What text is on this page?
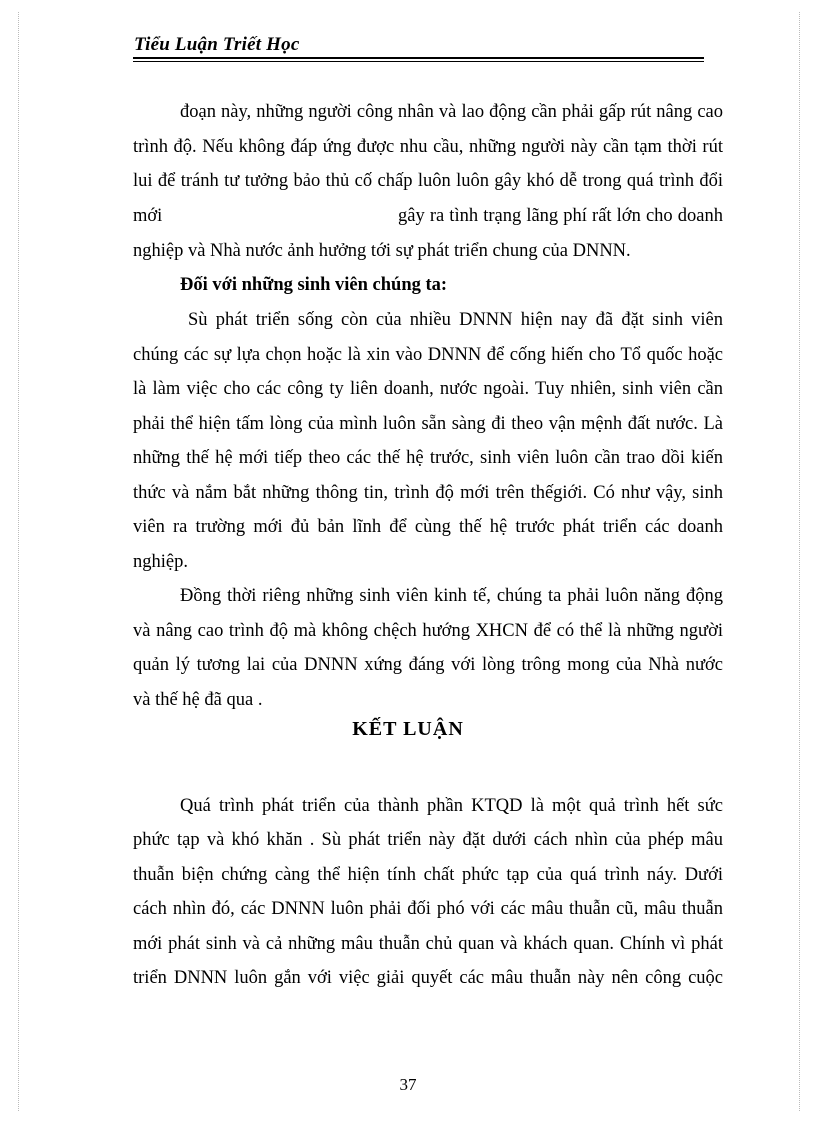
Tiểu Luận Triết Học
đoạn này, những người công nhân và lao động cần phải gấp rút nâng cao
trình độ. Nếu không đáp ứng được nhu cầu, những người này cần tạm thời rút
lui để tránh tư tưởng bảo thủ cố chấp luôn luôn gây khó dễ trong quá trình đổi
mới	gây ra tình trạng lãng phí rất lớn cho doanh
nghiệp và Nhà nước ảnh hưởng tới sự phát triển chung của DNNN.
Đối với những sinh viên chúng ta:
Sù phát triển sống còn của nhiều DNNN hiện nay đã đặt sinh viên
chúng các sự lựa chọn hoặc là xin vào DNNN để cống hiến cho Tổ quốc hoặc
là làm việc cho các công ty liên doanh, nước ngoài. Tuy nhiên, sinh viên cần
phải thể hiện tấm lòng của mình luôn sẵn sàng đi theo vận mệnh đất nước. Là
những thế hệ mới tiếp theo các thế hệ trước, sinh viên luôn cần trao dồi kiến
thức và nắm bắt những thông tin, trình độ mới trên thếgiới. Có như vậy, sinh
viên ra trường mới đủ bản lĩnh để cùng thế hệ trước phát triển các doanh
nghiệp.
Đồng thời riêng những sinh viên kinh tế, chúng ta phải luôn năng động
và nâng cao trình độ mà không chệch hướng XHCN để có thể là những người
quản lý tương lai của DNNN xứng đáng với lòng trông mong của Nhà nước
và thế hệ đã qua .
KẾT LUẬN
Quá trình phát triển của thành phần KTQD là một quả trình hết sức
phức tạp và khó khăn . Sù phát triển này đặt dưới cách nhìn của phép mâu
thuẫn biện chứng càng thể hiện tính chất phức tạp của quá trình náy. Dưới
cách nhìn đó, các DNNN luôn phải đối phó với các mâu thuẫn cũ, mâu thuẫn
mới phát sinh và cả những mâu thuẫn chủ quan và khách quan. Chính vì phát
triển DNNN luôn gắn với việc giải quyết các mâu thuẫn này nên công cuộc
37
